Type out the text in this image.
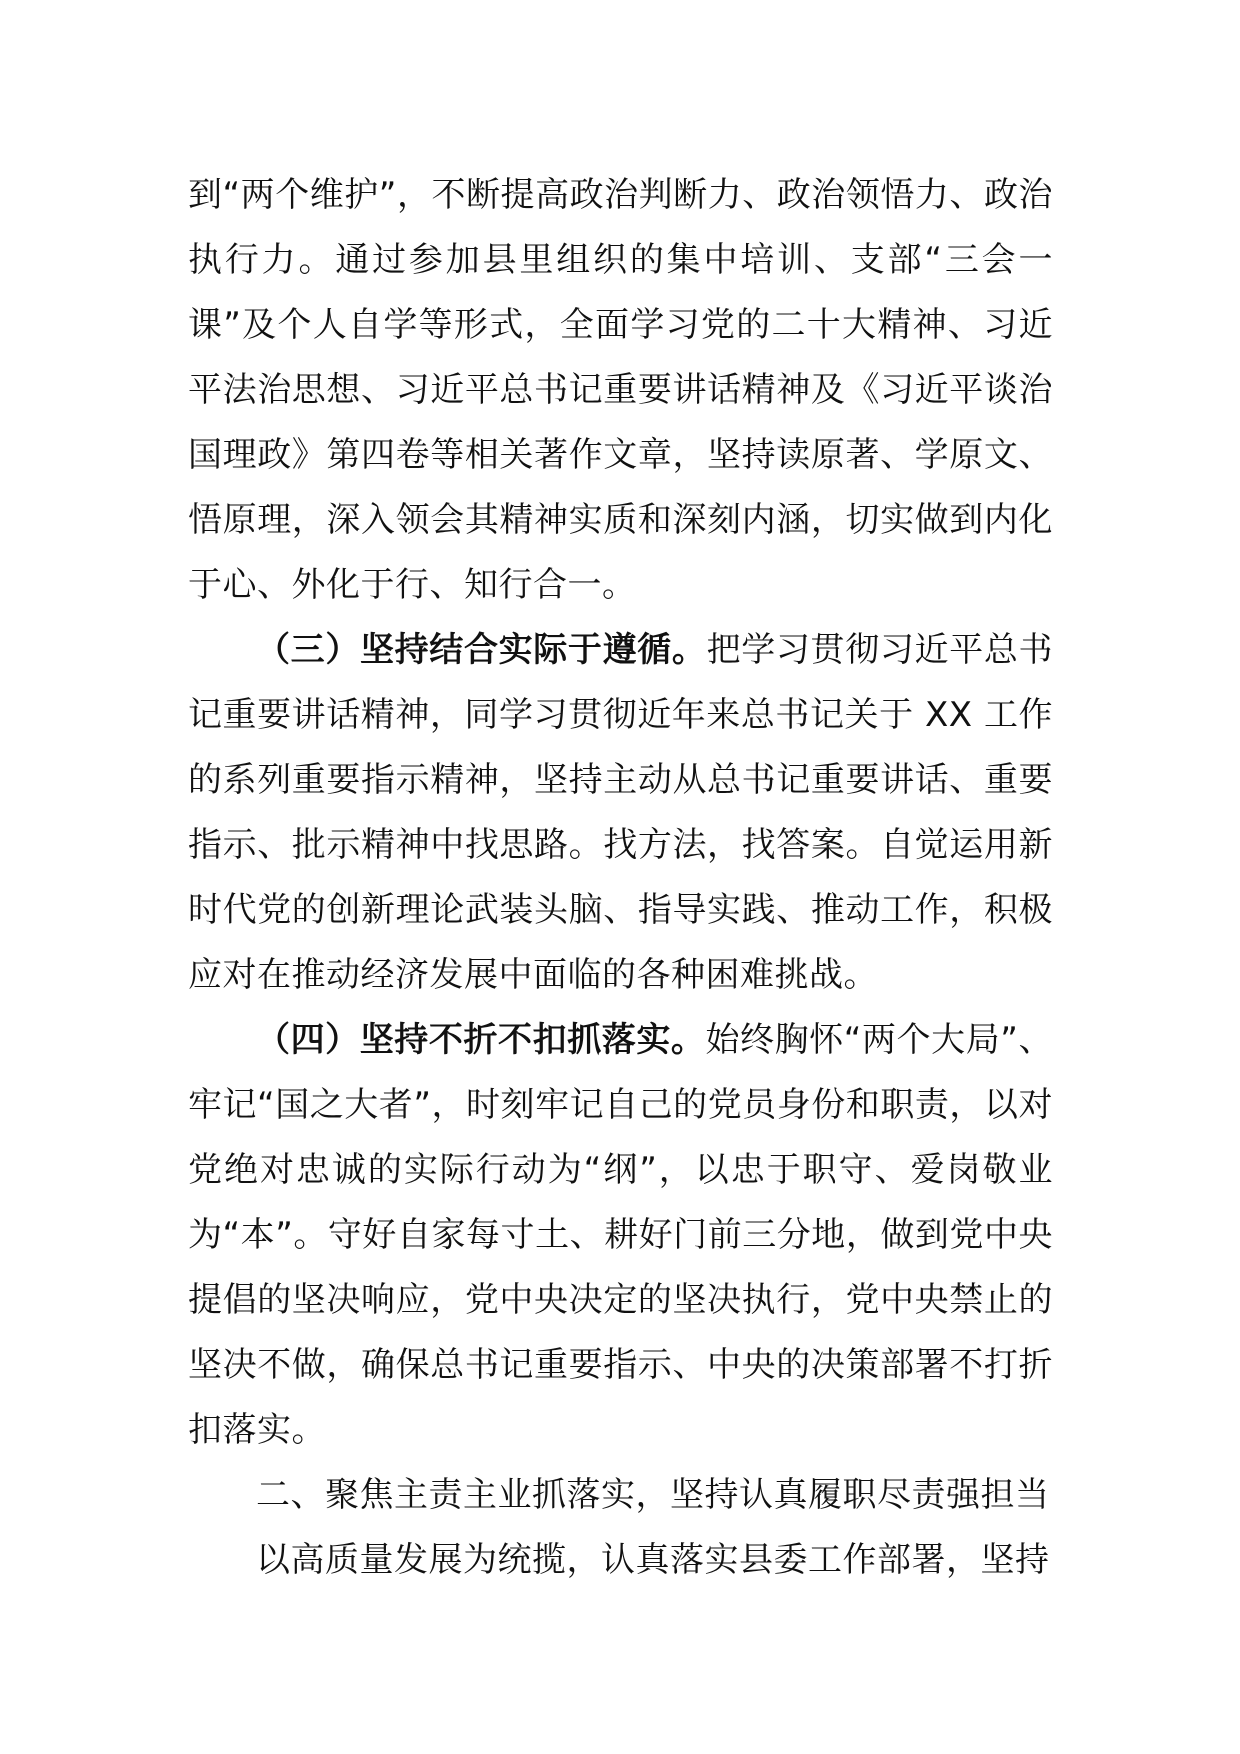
到“两个维护”，不断提高政治判断力、政治领悟力、政治执行力。通过参加县里组织的集中培训、支部“三会一课”及个人自学等形式，全面学习党的二十大精神、习近平法治思想、习近平总书记重要讲话精神及《习近平谈治国理政》第四卷等相关著作文章，坚持读原著、学原文、悟原理，深入领会其精神实质和深刻内涵，切实做到内化于心、外化于行、知行合一。

（三）坚持结合实际于遵循。把学习贯彻习近平总书记重要讲话精神，同学习贯彻近年来总书记关于 XX 工作的系列重要指示精神，坚持主动从总书记重要讲话、重要指示、批示精神中找思路。找方法，找答案。自觉运用新时代党的创新理论武装头脑、指导实践、推动工作，积极应对在推动经济发展中面临的各种困难挑战。

（四）坚持不折不扣抓落实。始终胸怀“两个大局”、牢记“国之大者”，时刻牢记自己的党员身份和职责，以对党绝对忠诚的实际行动为“纲”，以忠于职守、爱岗敬业为“本”。守好自家每寸土、耕好门前三分地，做到党中央提倡的坚决响应，党中央决定的坚决执行，党中央禁止的坚决不做，确保总书记重要指示、中央的决策部署不打折扣落实。

二、聚焦主责主业抓落实，坚持认真履职尽责强担当

以高质量发展为统揽，认真落实县委工作部署，坚持
